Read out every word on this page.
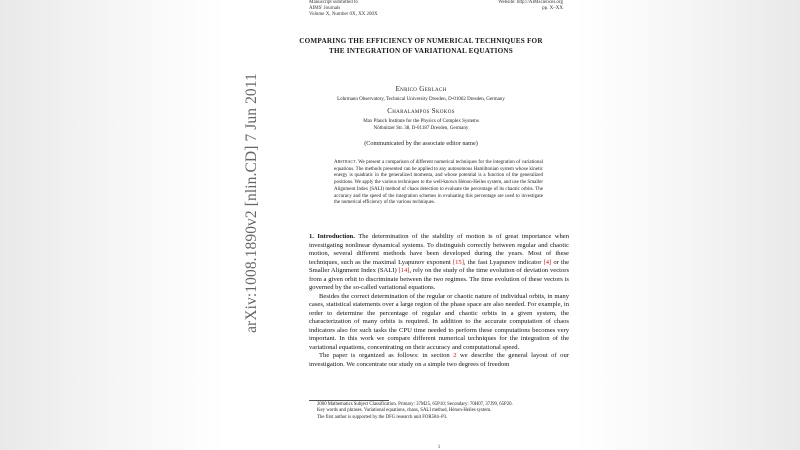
arXiv:1008.1890v2 [nlin.CD] 7 Jun 2011
Manuscript submitted to
AIMS' Journals
Volume X, Number 0X, XX 200X
Website: http://AIMsciences.org
pp. X–XX
COMPARING THE EFFICIENCY OF NUMERICAL TECHNIQUES FOR THE INTEGRATION OF VARIATIONAL EQUATIONS
Enrico Gerlach
Lohrmann Observatory, Technical University Dresden, D-01062 Dresden, Germany
Charalampos Skokos
Max Planck Institute for the Physics of Complex Systems
Nöthnitzer Str. 38, D-01187 Dresden, Germany
(Communicated by the associate editor name)
Abstract. We present a comparison of different numerical techniques for the integration of variational equations. The methods presented can be applied to any autonomous Hamiltonian system whose kinetic energy is quadratic in the generalized momenta, and whose potential is a function of the generalized positions. We apply the various techniques to the well-known Hénon-Heiles system, and use the Smaller Alignment Index (SALI) method of chaos detection to evaluate the percentage of its chaotic orbits. The accuracy and the speed of the integration schemes in evaluating this percentage are used to investigate the numerical efficiency of the various techniques.

1. Introduction. The determination of the stability of motion is of great importance when investigating nonlinear dynamical systems. To distinguish correctly between regular and chaotic motion, several different methods have been developed during the years. Most of these techniques, such as the maximal Lyapunov exponent [15], the fast Lyapunov indicator [4] or the Smaller Alignment Index (SALI) [14], rely on the study of the time evolution of deviation vectors from a given orbit to discriminate between the two regimes. The time evolution of these vectors is governed by the so-called variational equations.

Besides the correct determination of the regular or chaotic nature of individual orbits, in many cases, statistical statements over a large region of the phase space are also needed. For example, in order to determine the percentage of regular and chaotic orbits in a given system, the characterization of many orbits is required. In addition to the accurate computation of chaos indicators also for such tasks the CPU time needed to perform these computations becomes very important. In this work we compare different numerical techniques for the integration of the variational equations, concentrating on their accuracy and computational speed.

The paper is organized as follows: in section 2 we describe the general layout of our investigation. We concentrate our study on a simple two degrees of freedom

2000 Mathematics Subject Classification. Primary: 37M25, 65P10; Secondary: 70H07, 37J99, 65P20.

Key words and phrases. Variational equations, chaos, SALI method, Hénon-Heiles system.

The first author is supported by the DFG research unit FOR584–P3.

1
